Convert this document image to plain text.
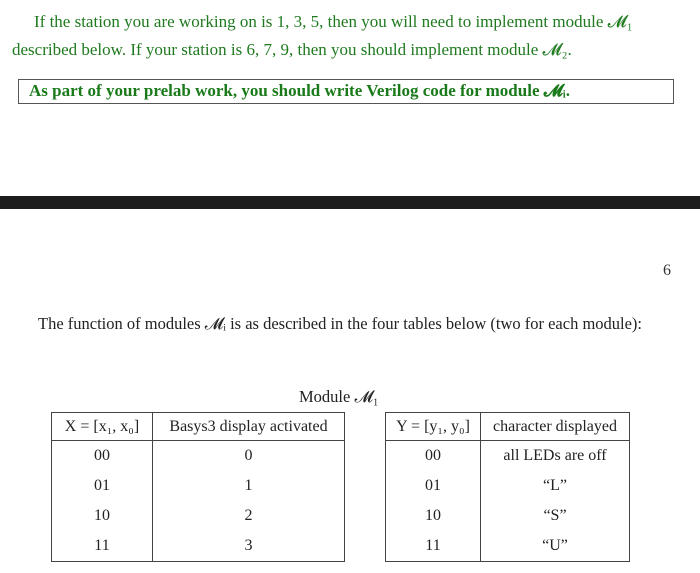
If the station you are working on is 1, 3, 5, then you will need to implement module 𝓜₁
described below. If your station is 6, 7, 9, then you should implement module 𝓜₂.
As part of your prelab work, you should write Verilog code for module 𝓜ᵢ.
6
The function of modules 𝓜ᵢ is as described in the four tables below (two for each module):
Module 𝓜₁
X = [x₁, x₀]	Basys3 display activated
00	0
01	1
10	2
11	3
Y = [y₁, y₀]	character displayed
00	all LEDs are off
01	“L”
10	“S”
11	“U”
